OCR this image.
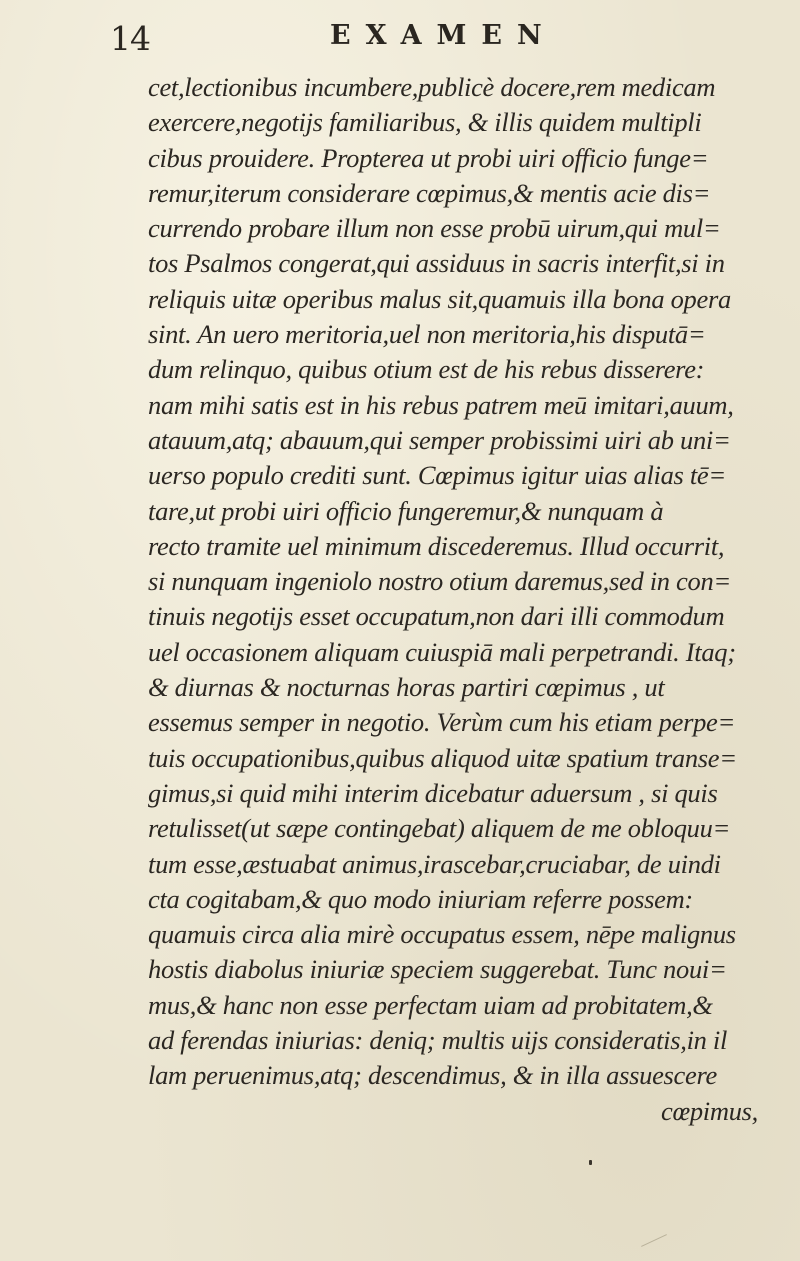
14	EXAMEN
cet,lectionibus incumbere,publicè docere,rem medicam
exercere,negotijs familiaribus, & illis quidem multipli
cibus prouidere. Propterea ut probi uiri officio funge=
remur,iterum considerare cœpimus,& mentis acie dis=
currendo probare illum non esse probū uirum,qui mul=
tos Psalmos congerat,qui assiduus in sacris interfit,si in
reliquis uitæ operibus malus sit,quamuis illa bona opera
sint. An uero meritoria,uel non meritoria,his disputā=
dum relinquo, quibus otium est de his rebus disserere:
nam mihi satis est in his rebus patrem meū imitari,auum,
atauum,atq; abauum,qui semper probissimi uiri ab uni=
uerso populo crediti sunt. Cœpimus igitur uias alias tē=
tare,ut probi uiri officio fungeremur,& nunquam à
recto tramite uel minimum discederemus. Illud occurrit,
si nunquam ingeniolo nostro otium daremus,sed in con=
tinuis negotijs esset occupatum,non dari illi commodum
uel occasionem aliquam cuiuspiā mali perpetrandi. Itaq;
& diurnas & nocturnas horas partiri cœpimus , ut
essemus semper in negotio. Verùm cum his etiam perpe=
tuis occupationibus,quibus aliquod uitæ spatium transe=
gimus,si quid mihi interim dicebatur aduersum , si quis
retulisset(ut sæpe contingebat) aliquem de me obloquu=
tum esse,æstuabat animus,irascebar,cruciabar, de uindi
cta cogitabam,& quo modo iniuriam referre possem:
quamuis circa alia mirè occupatus essem, nēpe malignus
hostis diabolus iniuriæ speciem suggerebat. Tunc noui=
mus,& hanc non esse perfectam uiam ad probitatem,&
ad ferendas iniurias: deniq; multis uijs consideratis,in il
lam peruenimus,atq; descendimus, & in illa assuescere
cœpimus,
